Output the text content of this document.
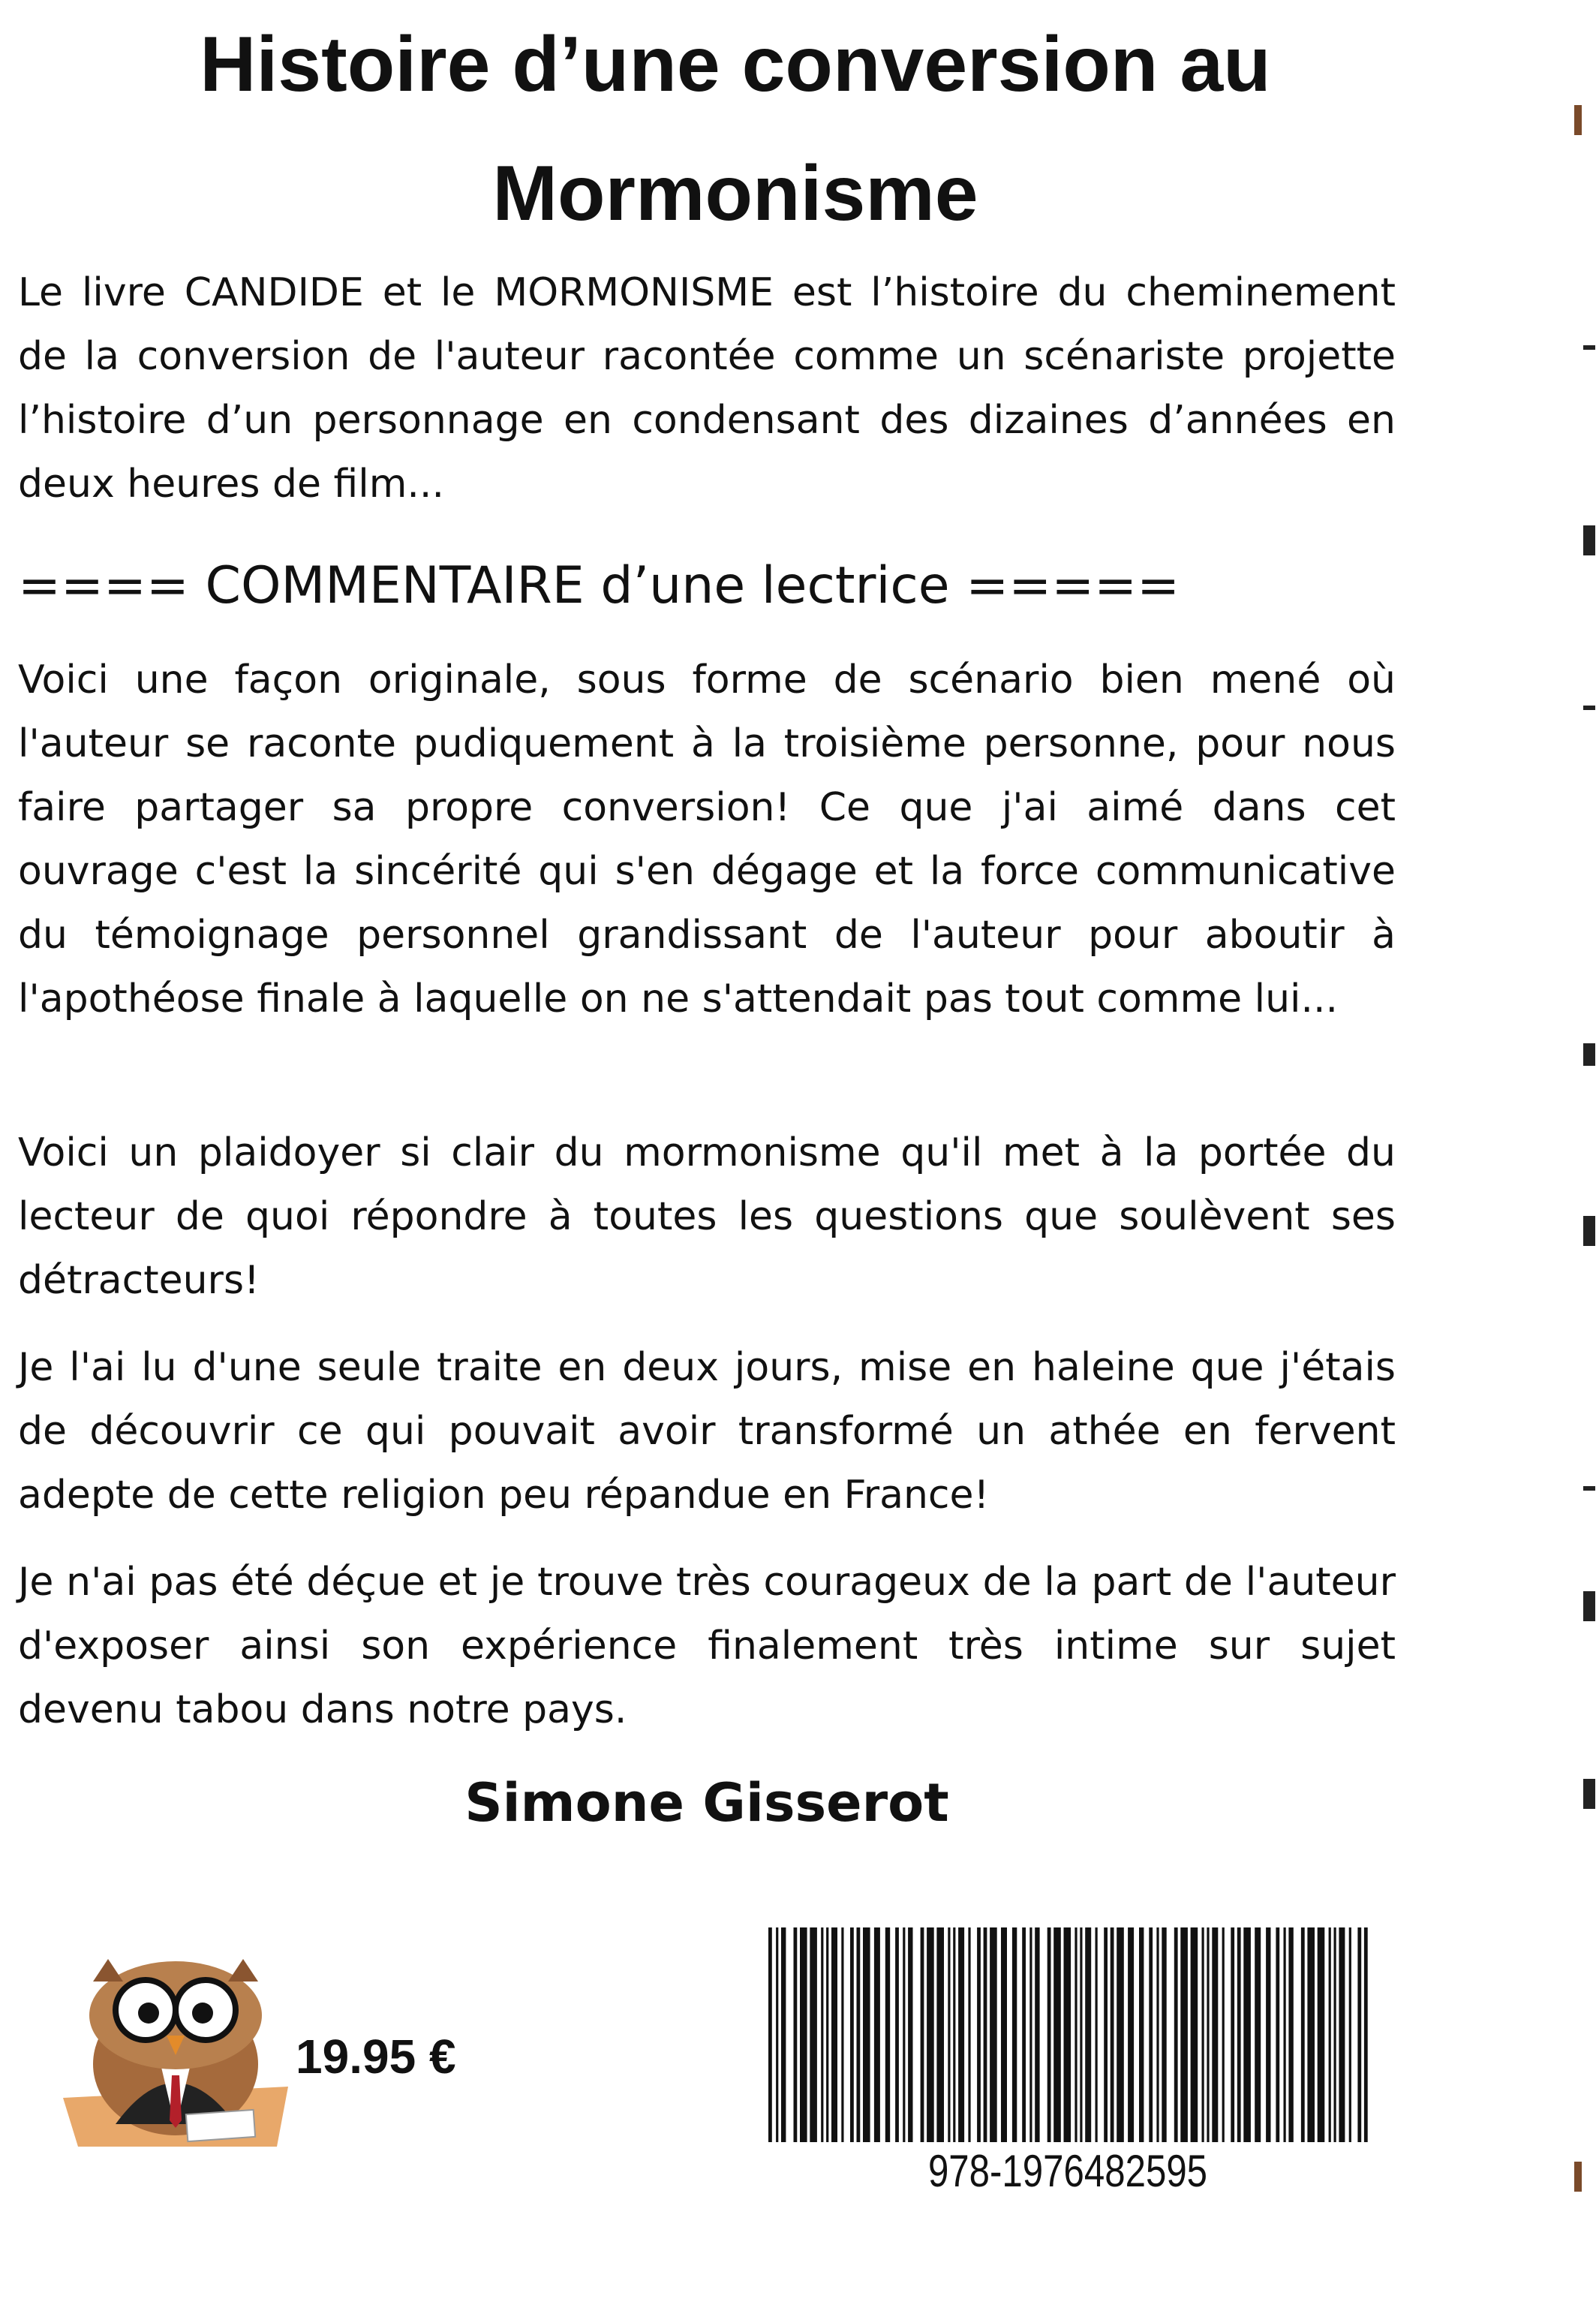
Histoire d’une conversion au
Mormonisme

Le livre CANDIDE et le MORMONISME est l’histoire du cheminement de la conversion de l'auteur racontée comme un scénariste projette l’histoire d’un personnage en condensant des dizaines d’années en deux heures de film...

==== COMMENTAIRE d’une lectrice =====

Voici une façon originale, sous forme de scénario bien mené où l'auteur se raconte pudiquement à la troisième personne, pour nous faire partager sa propre conversion! Ce que j'ai aimé dans cet ouvrage c'est la sincérité qui s'en dégage et la force communicative du témoignage personnel grandissant de l'auteur pour aboutir à l'apothéose finale à laquelle on ne s'attendait pas tout comme lui...

Voici un plaidoyer si clair du mormonisme qu'il met à la portée du lecteur de quoi répondre à toutes les questions que soulèvent ses détracteurs!

Je l'ai lu d'une seule traite en deux jours, mise en haleine que j'étais de découvrir ce qui pouvait avoir transformé un athée en fervent adepte de cette religion peu répandue en France!

Je n'ai pas été déçue et je trouve très courageux de la part de l'auteur d'exposer ainsi son expérience finalement très intime sur sujet devenu tabou dans notre pays.

Simone Gisserot
19.95 €
978-1976482595
